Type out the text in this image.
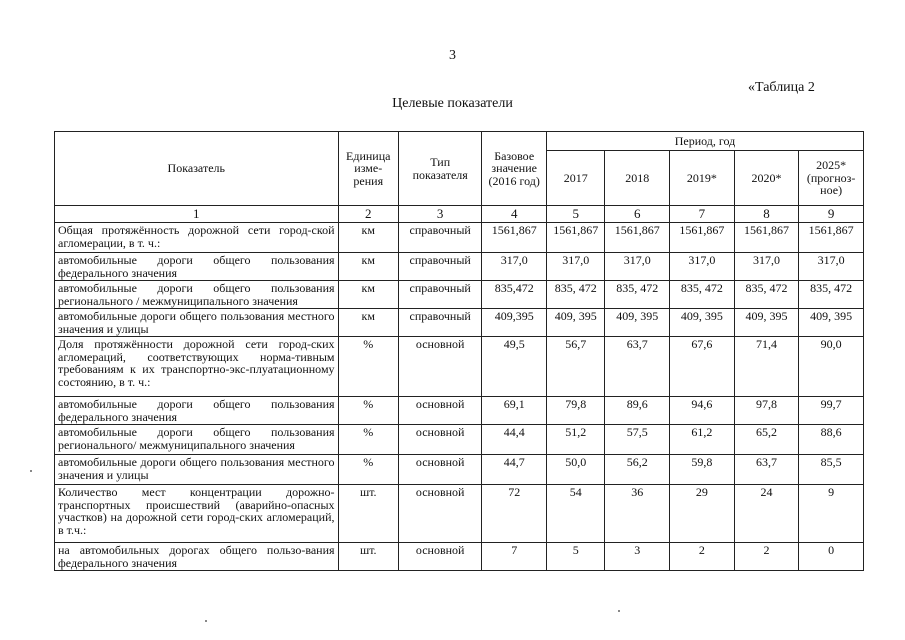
3
«Таблица 2
Целевые показатели
Показатель	Единица изме-рения	Тип показателя	Базовое значение (2016 год)	Период, год				
				2017	2018	2019*	2020*	2025* (прогноз-ное)
1	2	3	4	5	6	7	8	9
Общая протяжённость дорожной сети город-ской агломерации, в т. ч.:	км	справочный	1561,867	1561,867	1561,867	1561,867	1561,867	1561,867
автомобильные дороги общего пользования федерального значения	км	справочный	317,0	317,0	317,0	317,0	317,0	317,0
автомобильные дороги общего пользования регионального / межмуниципального значения	км	справочный	835,472	835, 472	835, 472	835, 472	835, 472	835, 472
автомобильные дороги общего пользования местного значения и улицы	км	справочный	409,395	409, 395	409, 395	409, 395	409, 395	409, 395
Доля протяжённости дорожной сети город-ских агломераций, соответствующих норма-тивным требованиям к их транспортно-экс-плуатационному состоянию, в т. ч.:	%	основной	49,5	56,7	63,7	67,6	71,4	90,0
автомобильные дороги общего пользования федерального значения	%	основной	69,1	79,8	89,6	94,6	97,8	99,7
автомобильные дороги общего пользования регионального/ межмуниципального значения	%	основной	44,4	51,2	57,5	61,2	65,2	88,6
автомобильные дороги общего пользования местного значения и улицы	%	основной	44,7	50,0	56,2	59,8	63,7	85,5
Количество мест концентрации дорожно-транспортных происшествий (аварийно-опасных участков) на дорожной сети город-ских агломераций, в т.ч.:	шт.	основной	72	54	36	29	24	9
на автомобильных дорогах общего пользо-вания федерального значения	шт.	основной	7	5	3	2	2	0
